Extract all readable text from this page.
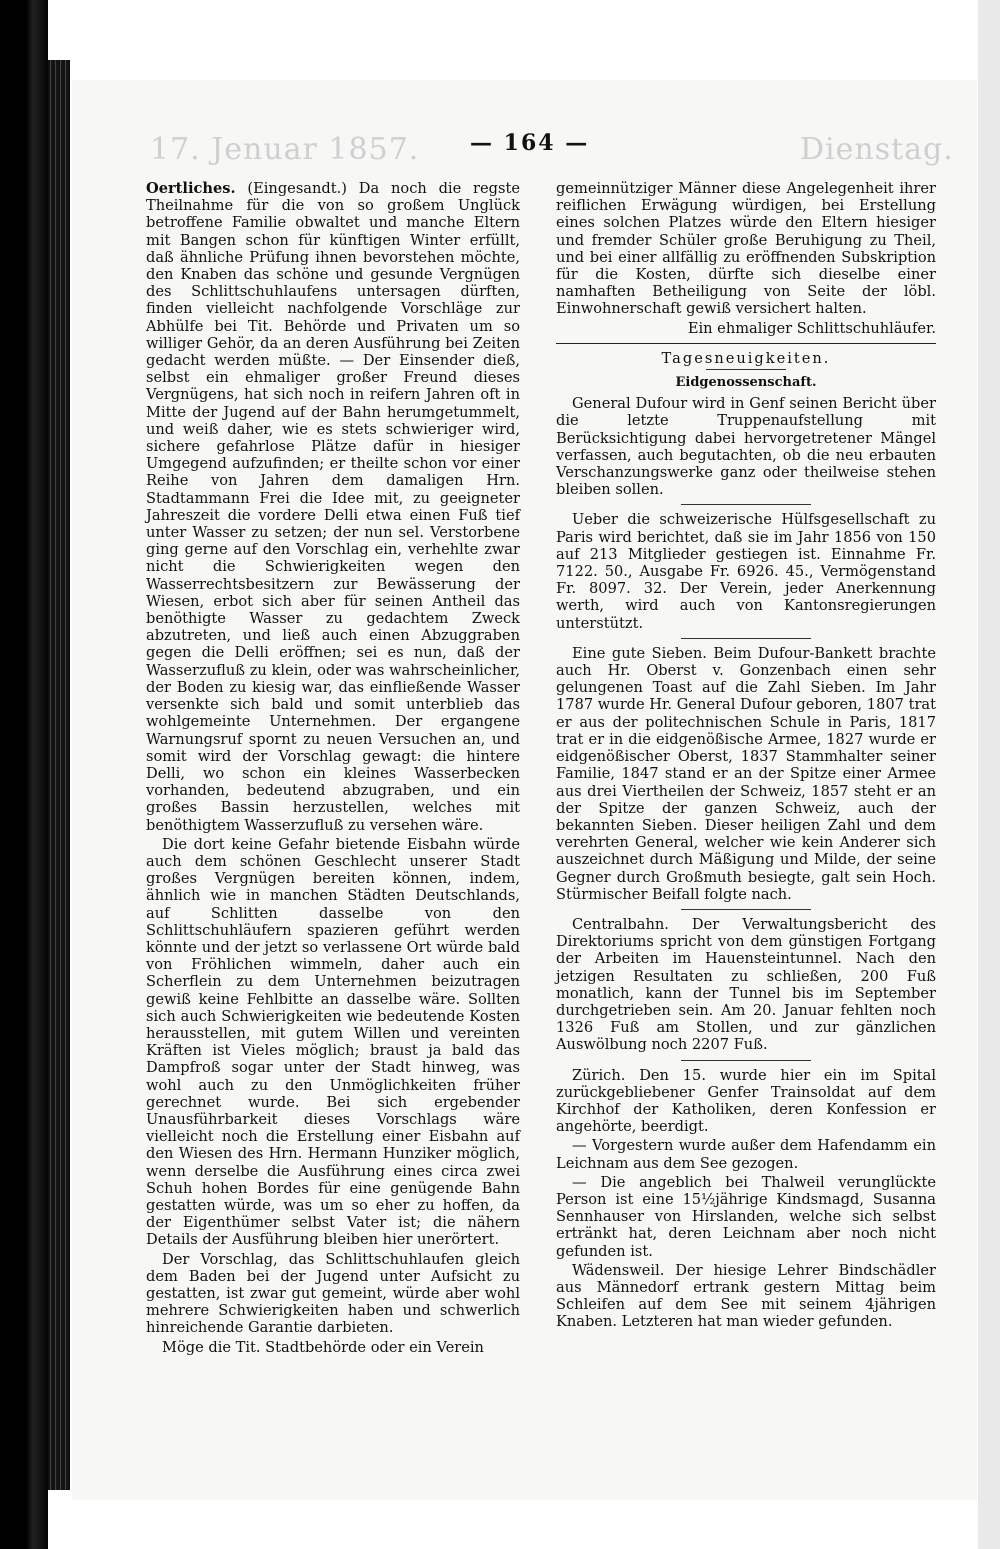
17. Jenuar 1857.	Dienstag.
— 164 —

Oertliches. (Eingesandt.) Da noch die regste Theilnahme für die von so großem Unglück betroffene Familie obwaltet und manche Eltern mit Bangen schon für künftigen Winter erfüllt, daß ähnliche Prüfung ihnen bevorstehen möchte, den Knaben das schöne und gesunde Vergnügen des Schlittschuhlaufens untersagen dürften, finden vielleicht nachfolgende Vorschläge zur Abhülfe bei Tit. Behörde und Privaten um so williger Gehör, da an deren Ausführung bei Zeiten gedacht werden müßte. — Der Einsender dieß, selbst ein ehmaliger großer Freund dieses Vergnügens, hat sich noch in reifern Jahren oft in Mitte der Jugend auf der Bahn herumgetummelt, und weiß daher, wie es stets schwieriger wird, sichere gefahrlose Plätze dafür in hiesiger Umgegend aufzufinden; er theilte schon vor einer Reihe von Jahren dem damaligen Hrn. Stadtammann Frei die Idee mit, zu geeigneter Jahreszeit die vordere Delli etwa einen Fuß tief unter Wasser zu setzen; der nun sel. Verstorbene ging gerne auf den Vorschlag ein, verhehlte zwar nicht die Schwierigkeiten wegen den Wasserrechtsbesitzern zur Bewässerung der Wiesen, erbot sich aber für seinen Antheil das benöthigte Wasser zu gedachtem Zweck abzutreten, und ließ auch einen Abzuggraben gegen die Delli eröffnen; sei es nun, daß der Wasserzufluß zu klein, oder was wahrscheinlicher, der Boden zu kiesig war, das einfließende Wasser versenkte sich bald und somit unterblieb das wohlgemeinte Unternehmen. Der ergangene Warnungsruf spornt zu neuen Versuchen an, und somit wird der Vorschlag gewagt: die hintere Delli, wo schon ein kleines Wasserbecken vorhanden, bedeutend abzugraben, und ein großes Bassin herzustellen, welches mit benöthigtem Wasserzufluß zu versehen wäre.

Die dort keine Gefahr bietende Eisbahn würde auch dem schönen Geschlecht unserer Stadt großes Vergnügen bereiten können, indem, ähnlich wie in manchen Städten Deutschlands, auf Schlitten dasselbe von den Schlittschuhläufern spazieren geführt werden könnte und der jetzt so verlassene Ort würde bald von Fröhlichen wimmeln, daher auch ein Scherflein zu dem Unternehmen beizutragen gewiß keine Fehlbitte an dasselbe wäre. Sollten sich auch Schwierigkeiten wie bedeutende Kosten herausstellen, mit gutem Willen und vereinten Kräften ist Vieles möglich; braust ja bald das Dampfroß sogar unter der Stadt hinweg, was wohl auch zu den Unmöglichkeiten früher gerechnet wurde. Bei sich ergebender Unausführbarkeit dieses Vorschlags wäre vielleicht noch die Erstellung einer Eisbahn auf den Wiesen des Hrn. Hermann Hunziker möglich, wenn derselbe die Ausführung eines circa zwei Schuh hohen Bordes für eine genügende Bahn gestatten würde, was um so eher zu hoffen, da der Eigenthümer selbst Vater ist; die nähern Details der Ausführung bleiben hier unerörtert.

Der Vorschlag, das Schlittschuhlaufen gleich dem Baden bei der Jugend unter Aufsicht zu gestatten, ist zwar gut gemeint, würde aber wohl mehrere Schwierigkeiten haben und schwerlich hinreichende Garantie darbieten.

Möge die Tit. Stadtbehörde oder ein Verein

gemeinnütziger Männer diese Angelegenheit ihrer reiflichen Erwägung würdigen, bei Erstellung eines solchen Platzes würde den Eltern hiesiger und fremder Schüler große Beruhigung zu Theil, und bei einer allfällig zu eröffnenden Subskription für die Kosten, dürfte sich dieselbe einer namhaften Betheiligung von Seite der löbl. Einwohnerschaft gewiß versichert halten.

Ein ehmaliger Schlittschuhläufer.
Tagesneuigkeiten.
Eidgenossenschaft.

General Dufour wird in Genf seinen Bericht über die letzte Truppenaufstellung mit Berücksichtigung dabei hervorgetretener Mängel verfassen, auch begutachten, ob die neu erbauten Verschanzungswerke ganz oder theilweise stehen bleiben sollen.

Ueber die schweizerische Hülfsgesellschaft zu Paris wird berichtet, daß sie im Jahr 1856 von 150 auf 213 Mitglieder gestiegen ist. Einnahme Fr. 7122. 50., Ausgabe Fr. 6926. 45., Vermögenstand Fr. 8097. 32. Der Verein, jeder Anerkennung werth, wird auch von Kantonsregierungen unterstützt.

Eine gute Sieben. Beim Dufour-Bankett brachte auch Hr. Oberst v. Gonzenbach einen sehr gelungenen Toast auf die Zahl Sieben. Im Jahr 1787 wurde Hr. General Dufour geboren, 1807 trat er aus der politechnischen Schule in Paris, 1817 trat er in die eidgenößische Armee, 1827 wurde er eidgenößischer Oberst, 1837 Stammhalter seiner Familie, 1847 stand er an der Spitze einer Armee aus drei Viertheilen der Schweiz, 1857 steht er an der Spitze der ganzen Schweiz, auch der bekannten Sieben. Dieser heiligen Zahl und dem verehrten General, welcher wie kein Anderer sich auszeichnet durch Mäßigung und Milde, der seine Gegner durch Großmuth besiegte, galt sein Hoch. Stürmischer Beifall folgte nach.

Centralbahn. Der Verwaltungsbericht des Direktoriums spricht von dem günstigen Fortgang der Arbeiten im Hauensteintunnel. Nach den jetzigen Resultaten zu schließen, 200 Fuß monatlich, kann der Tunnel bis im September durchgetrieben sein. Am 20. Januar fehlten noch 1326 Fuß am Stollen, und zur gänzlichen Auswölbung noch 2207 Fuß.

Zürich. Den 15. wurde hier ein im Spital zurückgebliebener Genfer Trainsoldat auf dem Kirchhof der Katholiken, deren Konfession er angehörte, beerdigt.

— Vorgestern wurde außer dem Hafendamm ein Leichnam aus dem See gezogen.

— Die angeblich bei Thalweil verunglückte Person ist eine 15½jährige Kindsmagd, Susanna Sennhauser von Hirslanden, welche sich selbst ertränkt hat, deren Leichnam aber noch nicht gefunden ist.

Wädensweil. Der hiesige Lehrer Bindschädler aus Männedorf ertrank gestern Mittag beim Schleifen auf dem See mit seinem 4jährigen Knaben. Letzteren hat man wieder gefunden.
